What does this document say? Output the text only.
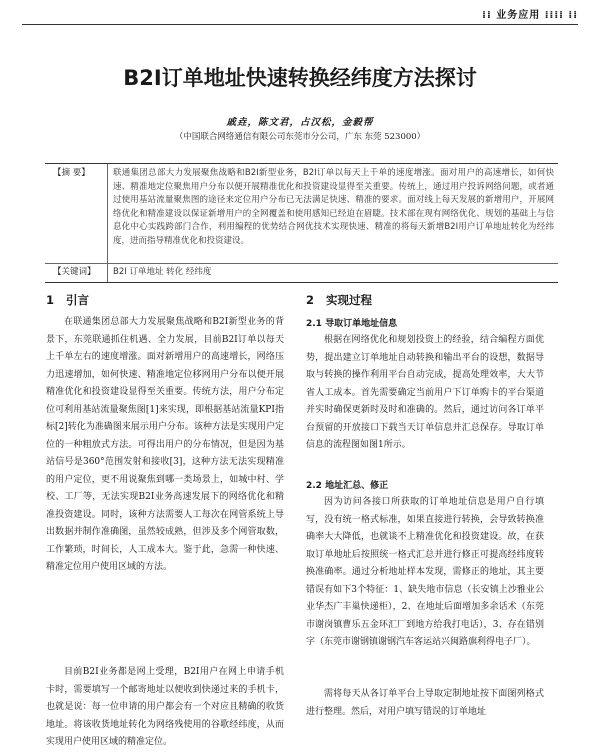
⁞⁞ 业务应用 ⁞⁞⁞⁞ ⁞⁞
B2I订单地址快速转换经纬度方法探讨
戚垚，陈文君，占汉松，金毅帮
（中国联合网络通信有限公司东莞市分公司，广东 东莞 523000）
【摘 要】	联通集团总部大力发展聚焦战略和B2I新型业务，B2I订单以每天上千单的速度增涨。面对用户的高速增长，如何快速、精准地定位聚焦用户分布以便开展精准优化和投资建设显得至关重要。传统上，通过用户投诉网络问题，或者通过使用基站流量聚焦图的途径来定位用户分布已无法满足快速、精准的要求。面对线上每天发展的新增用户，开展网络优化和精准建设以保证新增用户的全网覆盖和使用感知已经迫在眉睫。技术部在现有网络优化、规划的基础上与信息化中心实践跨部门合作，利用编程的优势结合网优技术实现快速、精准的将每天新增B2I用户订单地址转化为经纬度，进而指导精准优化和投资建设。
【关键词】	B2I 订单地址 转化 经纬度
1 引言

在联通集团总部大力发展聚焦战略和B2I新型业务的背景下，东莞联通抓住机遇、全力发展，目前B2I订单以每天上千单左右的速度增涨。面对新增用户的高速增长，网络压力迅速增加，如何快速、精准地定位移网用户分布以便开展精准优化和投资建设显得至关重要。传统方法，用户分布定位可利用基站流量聚焦图[1]来实现，即根据基站流量KPI指标[2]转化为准确图来展示用户分布。该种方法是实现用户定位的一种粗放式方法。可得出用户的分布情况，但是因为基站信号是360°范围发射和接收[3]，这种方法无法实现精准的用户定位，更不用说聚焦到哪一类场景上，如城中村、学校、工厂等，无法实现B2I业务高速发展下的网络优化和精准投资建设。同时，该种方法需要人工每次在网管系统上导出数据并制作准确图，虽然较成熟，但涉及多个网管取数，工作繁琐，时间长，人工成本大。鉴于此，急需一种快速、精准定位用户使用区域的方法。

目前B2I业务都是网上受理，B2I用户在网上申请手机卡时，需要填写一个邮寄地址以便收到快递过来的手机卡，也就是说：每一位申请的用户都会有一个对应且精确的收货地址。将该收货地址转化为网络残使用的谷歌经纬度，从而实现用户使用区域的精准定位。

2 实现过程
2.1 导取订单地址信息

根据在网络优化和规划投资上的经验，结合编程方面优势，提出建立订单地址自动转换和输出平台的设想，数据导取与转换的操作利用平台自动完成，提高处理效率，大大节省人工成本。首先需要确定当前用户下订单购卡的平台渠道并实时确保更新时及时和准确的。然后，通过访问各订单平台预留的开放接口下载当天订单信息并汇总保存。导取订单信息的流程图如图1所示。

2.2 地址汇总、修正

因为访问各接口所获取的订单地址信息是用户自行填写，没有统一格式标准，如果直接进行转换，会导致转换准确率大大降低，也就谈不上精准优化和投资建设。故，在获取订单地址后按照统一格式汇总并进行修正可提高经纬度转换准确率。通过分析地址样本发现，需修正的地址，其主要错误有如下3个特征：1、缺失地市信息（长安镇上沙雅业公业华杰广丰巢快递柜），2、在地址后面增加多余话术（东莞市谢岗镇曹乐五金环汇厂到地方给我打电话），3、存在错别字（东莞市谢钢镇谢钢汽车客运站兴闽路旗利得电子厂）。

需将每天从各订单平台上导取定制地址按下面图列格式进行整理。然后，对用户填写错误的订单地址
